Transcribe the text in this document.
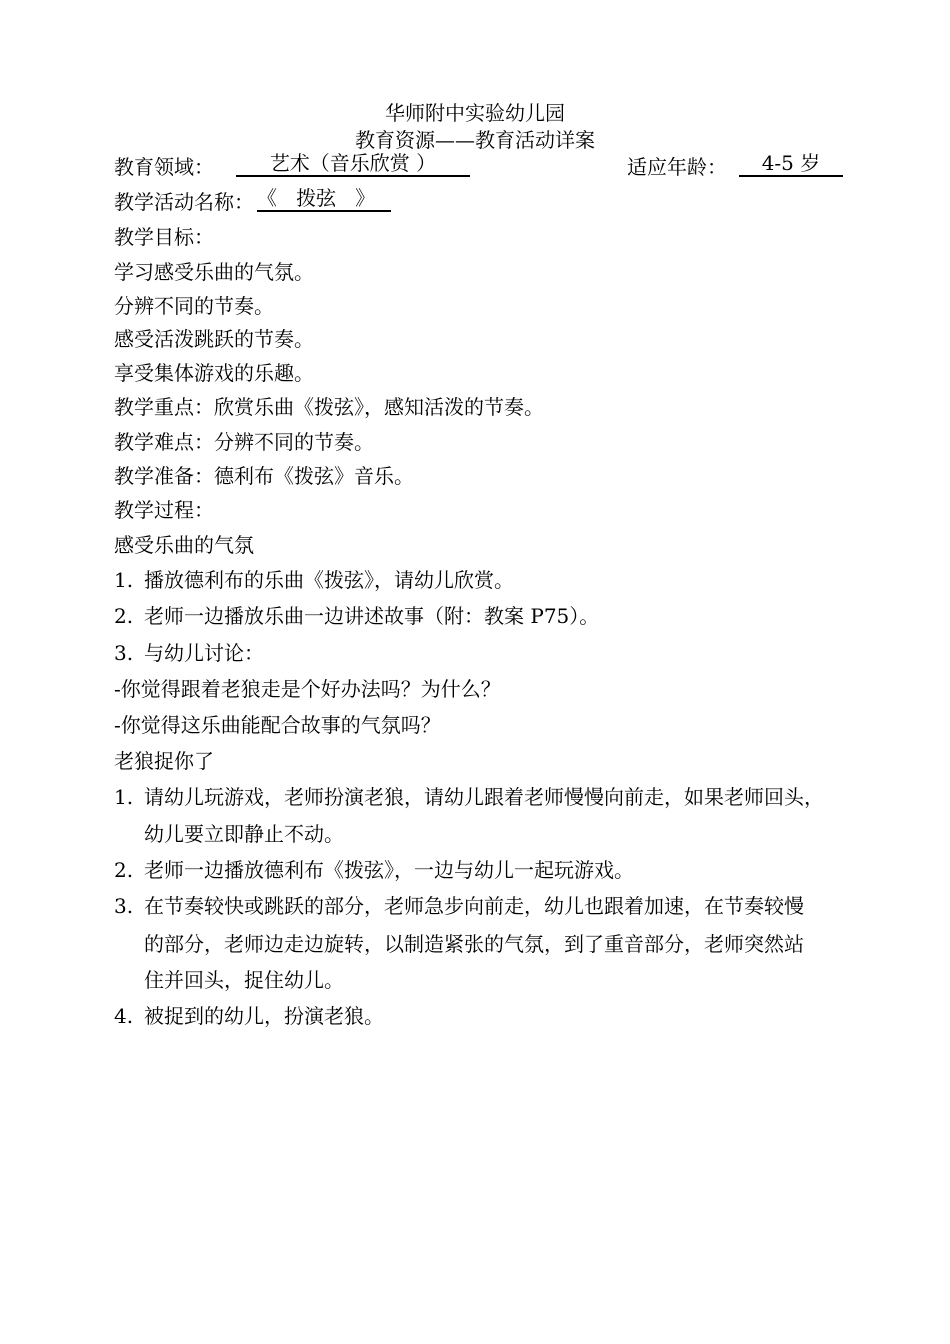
华师附中实验幼儿园
教育资源——教育活动详案
教育领域：	艺术（音乐欣赏 ）	适应年龄：	4-5 岁
教学活动名称： 《   拨弦   》
教学目标：
学习感受乐曲的气氛。
分辨不同的节奏。
感受活泼跳跃的节奏。
享受集体游戏的乐趣。
教学重点：欣赏乐曲《拨弦》，感知活泼的节奏。
教学难点：分辨不同的节奏。
教学准备：德利布《拨弦》音乐。
教学过程：
感受乐曲的气氛
1. 播放德利布的乐曲《拨弦》，请幼儿欣赏。
2. 老师一边播放乐曲一边讲述故事（附：教案 P75）。
3. 与幼儿讨论：
-你觉得跟着老狼走是个好办法吗？为什么？
-你觉得这乐曲能配合故事的气氛吗？
老狼捉你了
1. 请幼儿玩游戏，老师扮演老狼，请幼儿跟着老师慢慢向前走，如果老师回头，
幼儿要立即静止不动。
2. 老师一边播放德利布《拨弦》，一边与幼儿一起玩游戏。
3. 在节奏较快或跳跃的部分，老师急步向前走，幼儿也跟着加速，在节奏较慢
的部分，老师边走边旋转，以制造紧张的气氛，到了重音部分，老师突然站
住并回头，捉住幼儿。
4. 被捉到的幼儿，扮演老狼。
